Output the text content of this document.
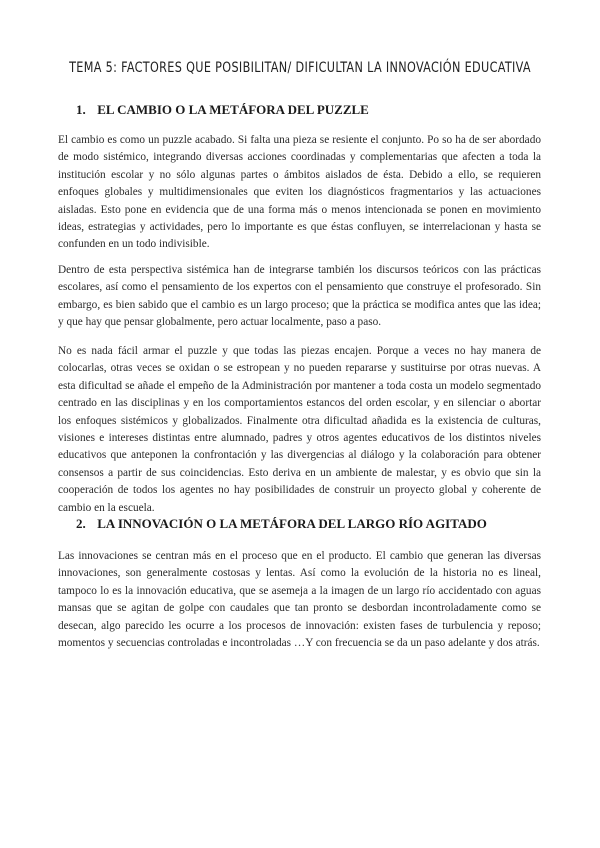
TEMA 5: FACTORES QUE POSIBILITAN/ DIFICULTAN LA INNOVACIÓN EDUCATIVA
1. EL CAMBIO O LA METÁFORA DEL PUZZLE

El cambio es como un puzzle acabado. Si falta una pieza se resiente el conjunto. Po so ha de ser abordado de modo sistémico, integrando diversas acciones coordinadas y complementarias que afecten a toda la institución escolar y no sólo algunas partes o ámbitos aislados de ésta. Debido a ello, se requieren enfoques globales y multidimensionales que eviten los diagnósticos fragmentarios y las actuaciones aisladas. Esto pone en evidencia que de una forma más o menos intencionada se ponen en movimiento ideas, estrategias y actividades, pero lo importante es que éstas confluyen, se interrelacionan y hasta se confunden en un todo indivisible.

Dentro de esta perspectiva sistémica han de integrarse también los discursos teóricos con las prácticas escolares, así como el pensamiento de los expertos con el pensamiento que construye el profesorado. Sin embargo, es bien sabido que el cambio es un largo proceso; que la práctica se modifica antes que las idea; y que hay que pensar globalmente, pero actuar localmente, paso a paso.

No es nada fácil armar el puzzle y que todas las piezas encajen. Porque a veces no hay manera de colocarlas, otras veces se oxidan o se estropean y no pueden repararse y sustituirse por otras nuevas. A esta dificultad se añade el empeño de la Administración por mantener a toda costa un modelo segmentado centrado en las disciplinas y en los comportamientos estancos del orden escolar, y en silenciar o abortar los enfoques sistémicos y globalizados. Finalmente otra dificultad añadida es la existencia de culturas, visiones e intereses distintas entre alumnado, padres y otros agentes educativos de los distintos niveles educativos que anteponen la confrontación y las divergencias al diálogo y la colaboración para obtener consensos a partir de sus coincidencias. Esto deriva en un ambiente de malestar, y es obvio que sin la cooperación de todos los agentes no hay posibilidades de construir un proyecto global y coherente de cambio en la escuela.

2. LA INNOVACIÓN O LA METÁFORA DEL LARGO RÍO AGITADO

Las innovaciones se centran más en el proceso que en el producto. El cambio que generan las diversas innovaciones, son generalmente costosas y lentas. Así como la evolución de la historia no es lineal, tampoco lo es la innovación educativa, que se asemeja a la imagen de un largo río accidentado con aguas mansas que se agitan de golpe con caudales que tan pronto se desbordan incontroladamente como se desecan, algo parecido les ocurre a los procesos de innovación: existen fases de turbulencia y reposo; momentos y secuencias controladas e incontroladas …Y con frecuencia se da un paso adelante y dos atrás.
